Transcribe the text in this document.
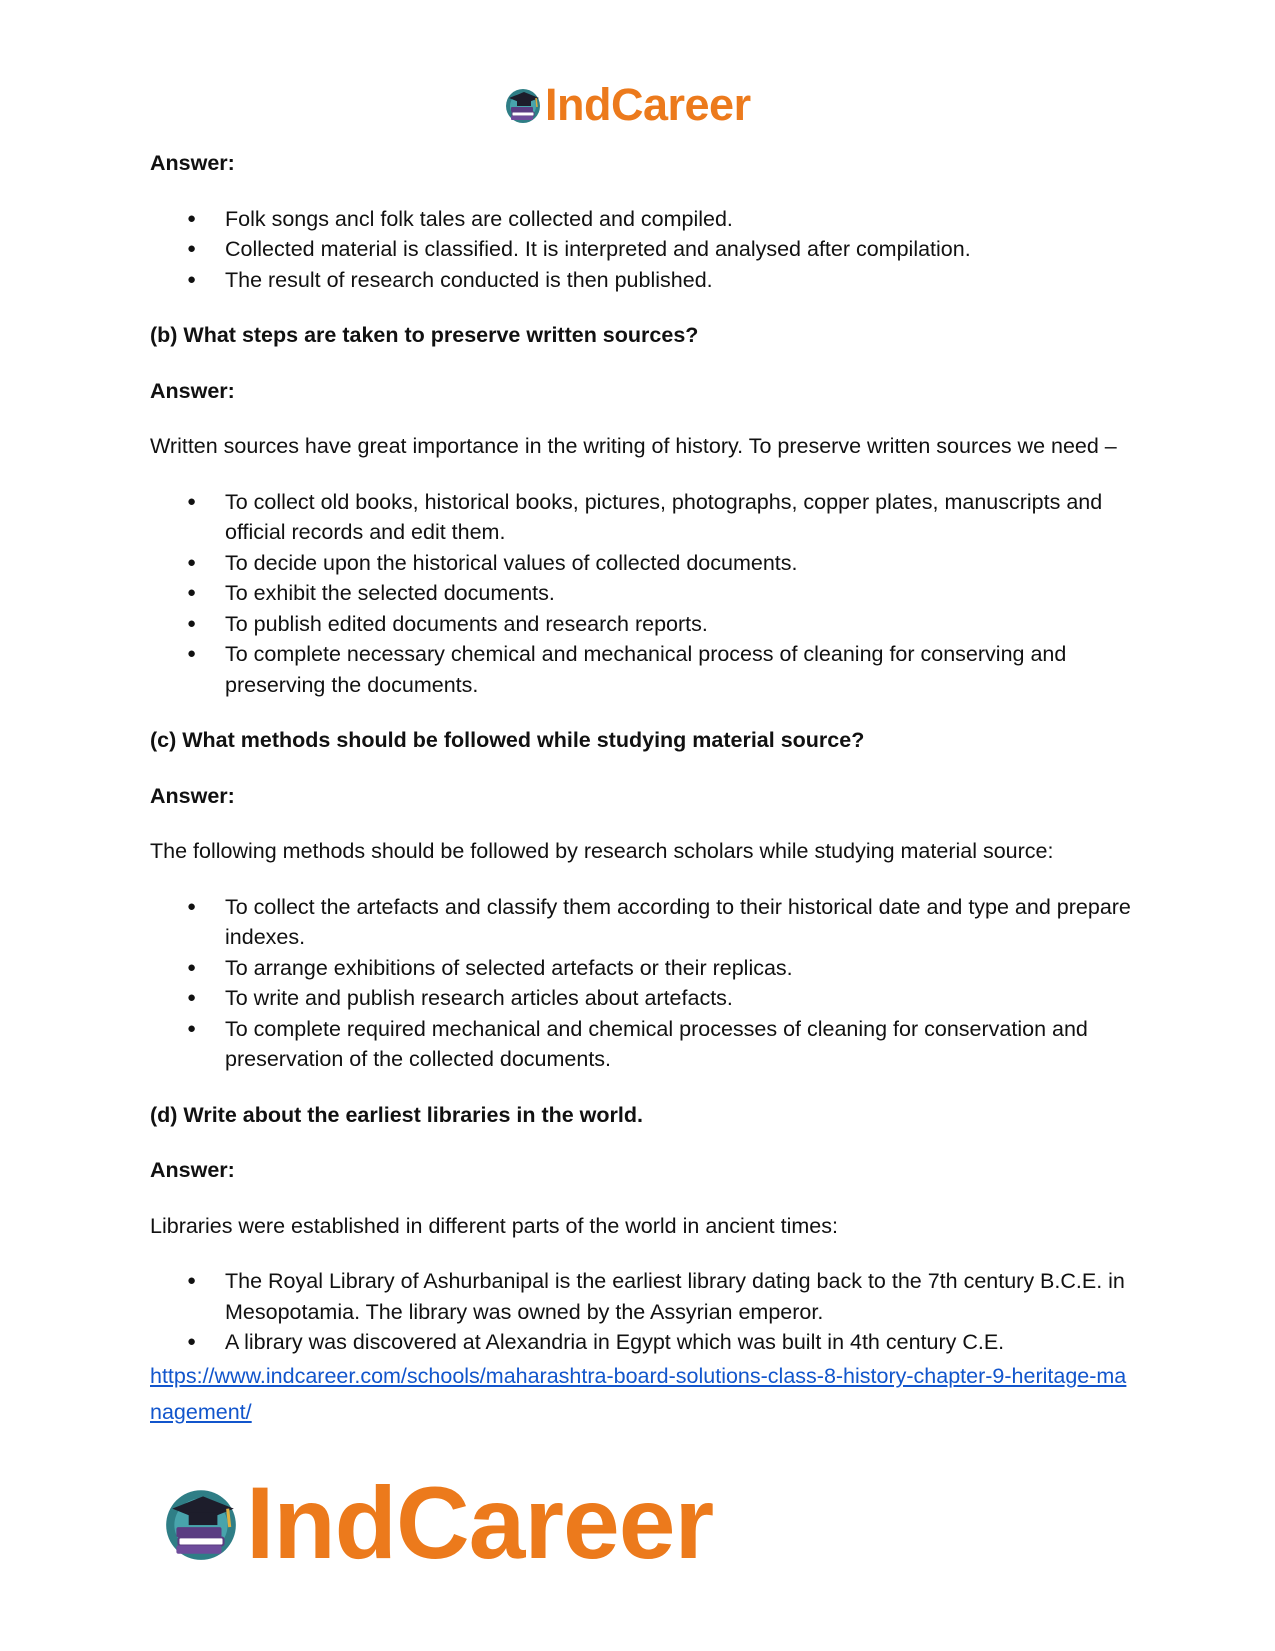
IndCareer

Answer:

● Folk songs ancl folk tales are collected and compiled.
● Collected material is classified. It is interpreted and analysed after compilation.
● The result of research conducted is then published.

(b) What steps are taken to preserve written sources?

Answer:

Written sources have great importance in the writing of history. To preserve written sources we need –

● To collect old books, historical books, pictures, photographs, copper plates, manuscripts and official records and edit them.
● To decide upon the historical values of collected documents.
● To exhibit the selected documents.
● To publish edited documents and research reports.
● To complete necessary chemical and mechanical process of cleaning for conserving and preserving the documents.

(c) What methods should be followed while studying material source?

Answer:

The following methods should be followed by research scholars while studying material source:

● To collect the artefacts and classify them according to their historical date and type and prepare indexes.
● To arrange exhibitions of selected artefacts or their replicas.
● To write and publish research articles about artefacts.
● To complete required mechanical and chemical processes of cleaning for conservation and preservation of the collected documents.

(d) Write about the earliest libraries in the world.

Answer:

Libraries were established in different parts of the world in ancient times:

● The Royal Library of Ashurbanipal is the earliest library dating back to the 7th century B.C.E. in Mesopotamia. The library was owned by the Assyrian emperor.
● A library was discovered at Alexandria in Egypt which was built in 4th century C.E.

https://www.indcareer.com/schools/maharashtra-board-solutions-class-8-history-chapter-9-heritage-management/

IndCareer
